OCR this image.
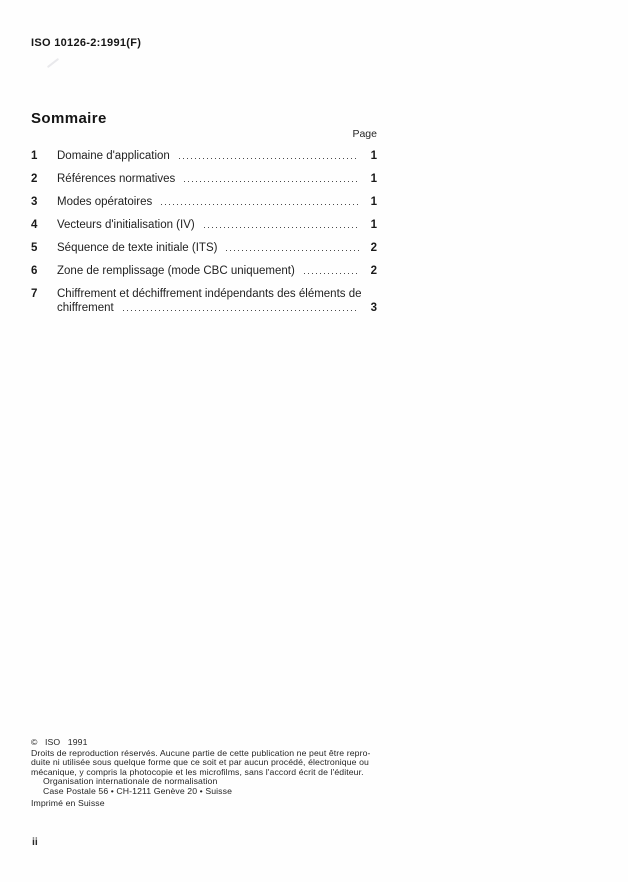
ISO 10126-2:1991(F)
Sommaire
Page
1	Domaine d'application	1
2	Références normatives	1
3	Modes opératoires	1
4	Vecteurs d'initialisation (IV)	1
5	Séquence de texte initiale (ITS)	2
6	Zone de remplissage (mode CBC uniquement)	2
7	Chiffrement et déchiffrement indépendants des éléments de
chiffrement	3
© ISO 1991
Droits de reproduction réservés. Aucune partie de cette publication ne peut être repro-
duite ni utilisée sous quelque forme que ce soit et par aucun procédé, électronique ou
mécanique, y compris la photocopie et les microfilms, sans l'accord écrit de l'éditeur.
Organisation internationale de normalisation
Case Postale 56 • CH-1211 Genève 20 • Suisse
Imprimé en Suisse
ii
